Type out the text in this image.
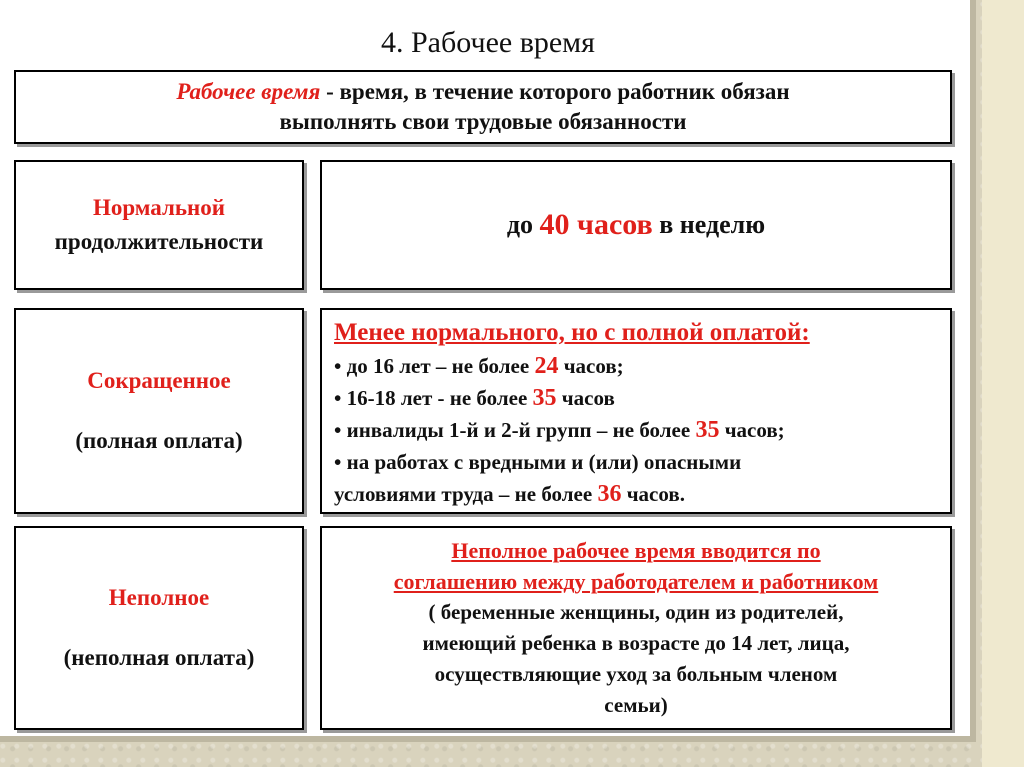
4. Рабочее время
Рабочее время - время, в течение которого работник обязан
выполнять свои трудовые обязанности
Нормальной
продолжительности
до
40 часов
в неделю
Сокращенное
(полная оплата)
Менее нормального, но с полной оплатой:
• до 16 лет – не более 24 часов;
• 16-18 лет - не более 35 часов
• инвалиды 1-й и 2-й групп – не более 35 часов;
• на работах с вредными и (или) опасными
условиями труда – не более 36 часов.
Неполное
(неполная оплата)
Неполное рабочее время вводится по
соглашению между работодателем и работником
( беременные женщины, один из родителей,
имеющий ребенка в возрасте до 14 лет, лица,
осуществляющие уход за больным членом
семьи)
